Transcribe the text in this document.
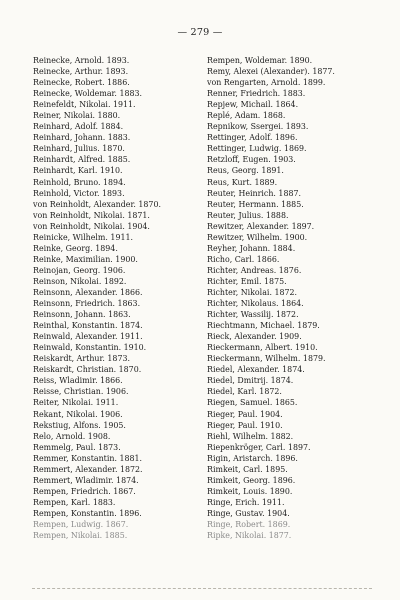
— 279 —
Reinecke, Arnold. 1893.
Reinecke, Arthur. 1893.
Reinecke, Robert. 1886.
Reinecke, Woldemar. 1883.
Reinefeldt, Nikolai. 1911.
Reiner, Nikolai. 1880.
Reinhard, Adolf. 1884.
Reinhard, Johann. 1883.
Reinhard, Julius. 1870.
Reinhardt, Alfred. 1885.
Reinhardt, Karl. 1910.
Reinhold, Bruno. 1894.
Reinhold, Victor. 1893.
von Reinholdt, Alexander. 1870.
von Reinholdt, Nikolai. 1871.
von Reinholdt, Nikolai. 1904.
Reinicke, Wilhelm. 1911.
Reinke, Georg. 1894.
Reinke, Maximilian. 1900.
Reinojan, Georg. 1906.
Reinson, Nikolai. 1892.
Reinsonn, Alexander. 1866.
Reinsonn, Friedrich. 1863.
Reinsonn, Johann. 1863.
Reinthal, Konstantin. 1874.
Reinwald, Alexander. 1911.
Reinwald, Konstantin. 1910.
Reiskardt, Arthur. 1873.
Reiskardt, Christian. 1870.
Reiss, Wladimir. 1866.
Reisse, Christian. 1906.
Reiter, Nikolai. 1911.
Rekant, Nikolai. 1906.
Rekstiug, Alfons. 1905.
Relo, Arnold. 1908.
Remmelg, Paul. 1873.
Remmer, Konstantin. 1881.
Remmert, Alexander. 1872.
Remmert, Wladimir. 1874.
Rempen, Friedrich. 1867.
Rempen, Karl. 1883.
Rempen, Konstantin. 1896.
Rempen, Ludwig. 1867.
Rempen, Nikolai. 1885.
Rempen, Woldemar. 1890.
Remy, Alexei (Alexander). 1877.
von Rengarten, Arnold. 1899.
Renner, Friedrich. 1883.
Repjew, Michail. 1864.
Replé, Adam. 1868.
Repnikow, Ssergei. 1893.
Rettinger, Adolf. 1896.
Rettinger, Ludwig. 1869.
Retzloff, Eugen. 1903.
Reus, Georg. 1891.
Reus, Kurt. 1889.
Reuter, Heinrich. 1887.
Reuter, Hermann. 1885.
Reuter, Julius. 1888.
Rewitzer, Alexander. 1897.
Rewitzer, Wilhelm. 1900.
Reyher, Johann. 1884.
Richo, Carl. 1866.
Richter, Andreas. 1876.
Richter, Emil. 1875.
Richter, Nikolai. 1872.
Richter, Nikolaus. 1864.
Richter, Wassilij. 1872.
Riechtmann, Michael. 1879.
Rieck, Alexander. 1909.
Rieckermann, Albert. 1910.
Rieckermann, Wilhelm. 1879.
Riedel, Alexander. 1874.
Riedel, Dmitrij. 1874.
Riedel, Karl. 1872.
Riegen, Samuel. 1865.
Rieger, Paul. 1904.
Rieger, Paul. 1910.
Riehl, Wilhelm. 1882.
Riepenkröger, Carl. 1897.
Rigin, Aristarch. 1896.
Rimkeit, Carl. 1895.
Rimkeit, Georg. 1896.
Rimkeit, Louis. 1890.
Ringe, Erich. 1911.
Ringe, Gustav. 1904.
Ringe, Robert. 1869.
Ripke, Nikolai. 1877.
